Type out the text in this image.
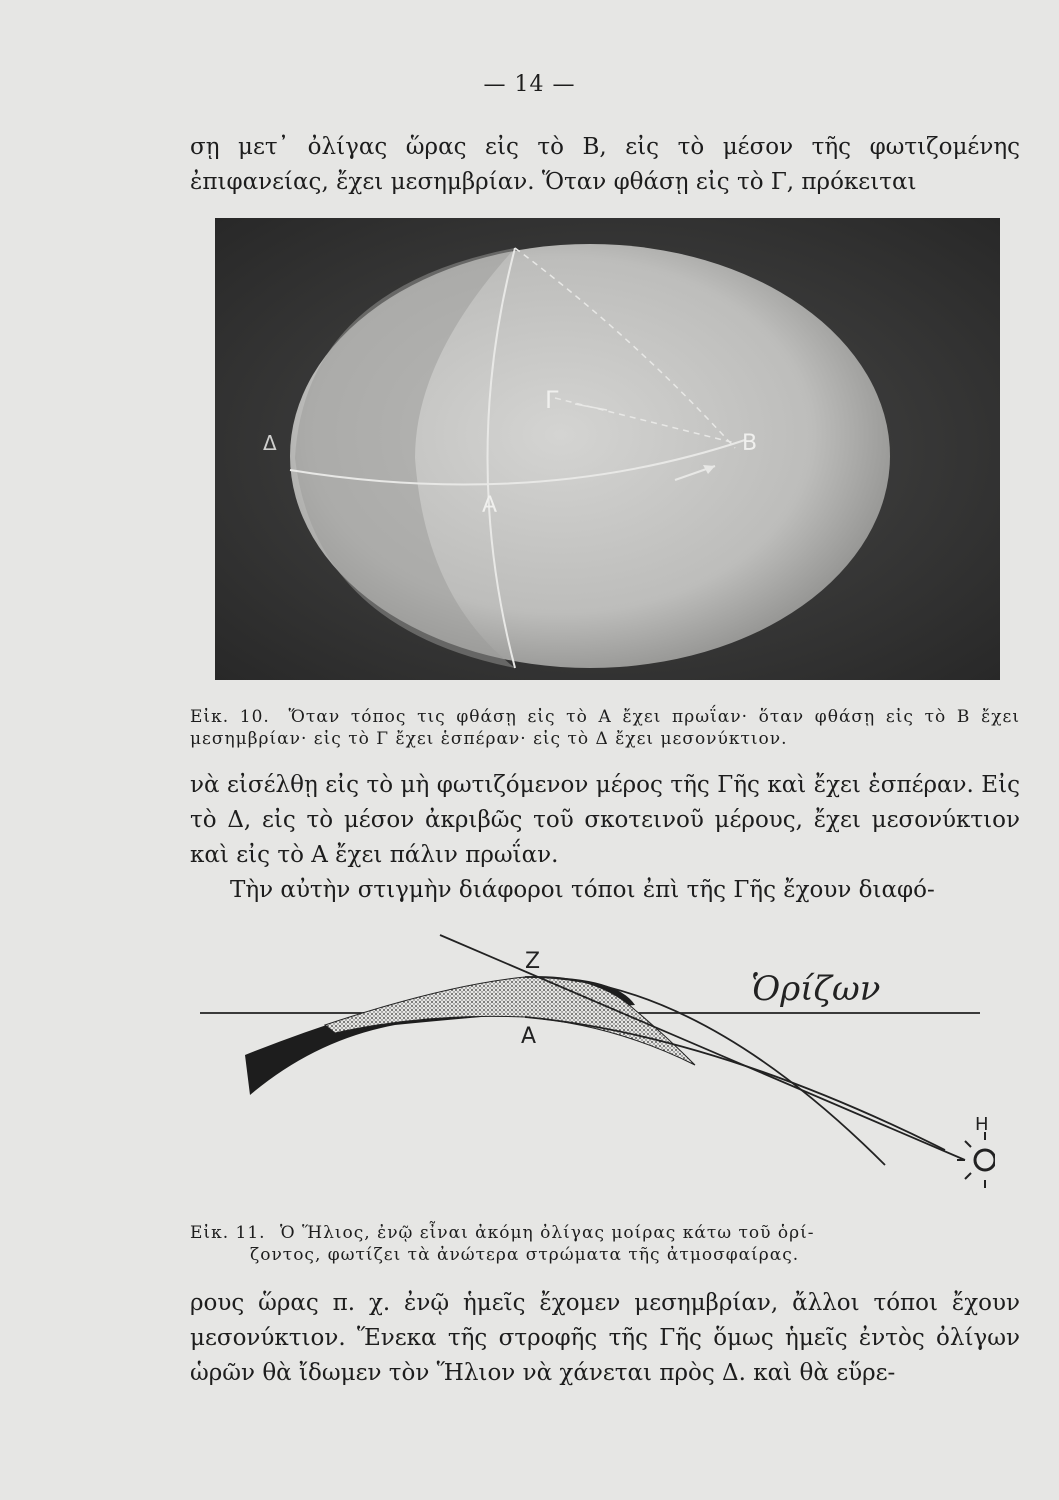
— 14 —

σῃ μετ᾽ ὀλίγας ὥρας εἰς τὸ Β, εἰς τὸ μέσον τῆς φωτιζομένης ἐπιφανείας, ἔχει μεσημβρίαν. Ὅταν φθάσῃ εἰς τὸ Γ, πρόκειται

Γ
Β
Α
Δ
Εἰκ. 10. Ὅταν τόπος τις φθάσῃ εἰς τὸ Α ἔχει πρωΐαν· ὅταν φθάσῃ εἰς τὸ Β ἔχει μεσημβρίαν· εἰς τὸ Γ ἔχει ἑσπέραν· εἰς τὸ Δ ἔχει μεσονύκτιον.

νὰ εἰσέλθῃ εἰς τὸ μὴ φωτιζόμενον μέρος τῆς Γῆς καὶ ἔχει ἑσπέραν. Εἰς τὸ Δ, εἰς τὸ μέσον ἀκριβῶς τοῦ σκοτεινοῦ μέρους, ἔχει μεσονύκτιον καὶ εἰς τὸ Α ἔχει πάλιν πρωΐαν.

Τὴν αὐτὴν στιγμὴν διάφοροι τόποι ἐπὶ τῆς Γῆς ἔχουν διαφό-

Z
A
Ὁρίζων
H
Εἰκ. 11. Ὁ Ἥλιος, ἐνῷ εἶναι ἀκόμη ὀλίγας μοίρας κάτω τοῦ ὁρί-
ζοντος, φωτίζει τὰ ἀνώτερα στρώματα τῆς ἀτμοσφαίρας.

ρους ὥρας π. χ. ἐνῷ ἡμεῖς ἔχομεν μεσημβρίαν, ἄλλοι τόποι ἔχουν μεσονύκτιον. Ἕνεκα τῆς στροφῆς τῆς Γῆς ὅμως ἡμεῖς ἐντὸς ὀλίγων ὡρῶν θὰ ἴδωμεν τὸν Ἥλιον νὰ χάνεται πρὸς Δ. καὶ θὰ εὕρε-
